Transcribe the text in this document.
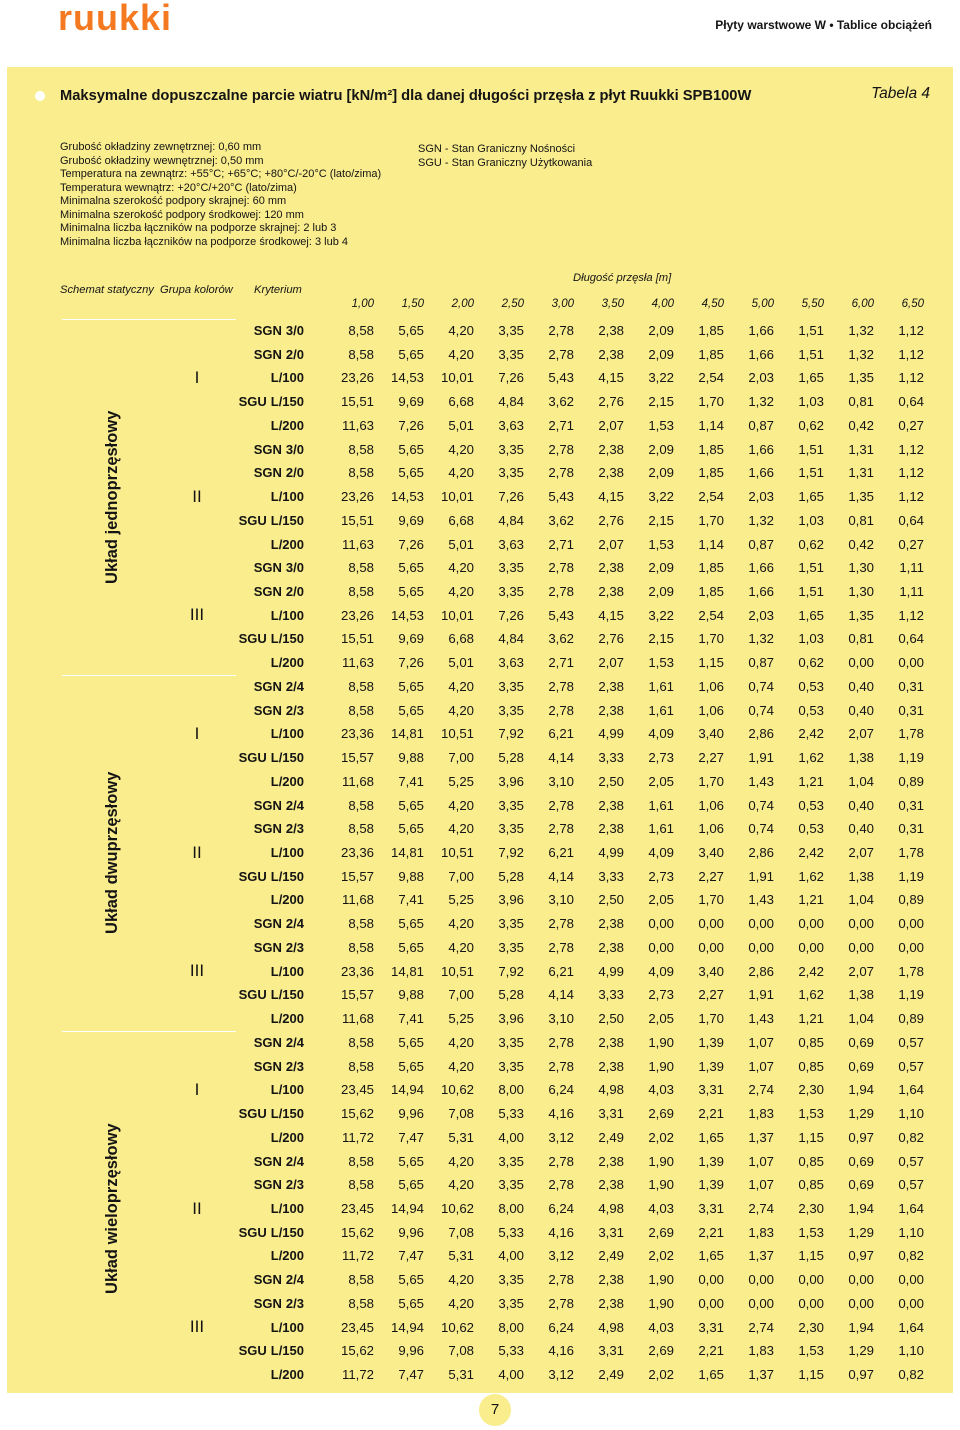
ruukki	Płyty warstwowe W • Tablice obciążeń
Maksymalne dopuszczalne parcie wiatru [kN/m²] dla danej długości przęsła z płyt Ruukki SPB100W	Tabela 4
Grubość okładziny zewnętrznej: 0,60 mm
Grubość okładziny wewnętrznej: 0,50 mm
Temperatura na zewnątrz: +55°C; +65°C; +80°C/-20°C (lato/zima)
Temperatura wewnątrz: +20°C/+20°C (lato/zima)
Minimalna szerokość podpory skrajnej: 60 mm
Minimalna szerokość podpory środkowej: 120 mm
Minimalna liczba łączników na podporze skrajnej: 2 lub 3
Minimalna liczba łączników na podporze środkowej: 3 lub 4
SGN - Stan Graniczny Nośności
SGU - Stan Graniczny Użytkowania
Schemat statyczny Grupa kolorów Kryterium
Długość przęsła [m]
1,00	1,50	2,00	2,50	3,00	3,50	4,00	4,50	5,00	5,50	6,00	6,50
Układ jednoprzęsłowy
I
SGN 3/0	8,58	5,65	4,20	3,35	2,78	2,38	2,09	1,85	1,66	1,51	1,32	1,12
SGN 2/0	8,58	5,65	4,20	3,35	2,78	2,38	2,09	1,85	1,66	1,51	1,32	1,12
L/100	23,26	14,53	10,01	7,26	5,43	4,15	3,22	2,54	2,03	1,65	1,35	1,12
SGU L/150	15,51	9,69	6,68	4,84	3,62	2,76	2,15	1,70	1,32	1,03	0,81	0,64
L/200	11,63	7,26	5,01	3,63	2,71	2,07	1,53	1,14	0,87	0,62	0,42	0,27
II
SGN 3/0	8,58	5,65	4,20	3,35	2,78	2,38	2,09	1,85	1,66	1,51	1,31	1,12
SGN 2/0	8,58	5,65	4,20	3,35	2,78	2,38	2,09	1,85	1,66	1,51	1,31	1,12
L/100	23,26	14,53	10,01	7,26	5,43	4,15	3,22	2,54	2,03	1,65	1,35	1,12
SGU L/150	15,51	9,69	6,68	4,84	3,62	2,76	2,15	1,70	1,32	1,03	0,81	0,64
L/200	11,63	7,26	5,01	3,63	2,71	2,07	1,53	1,14	0,87	0,62	0,42	0,27
III
SGN 3/0	8,58	5,65	4,20	3,35	2,78	2,38	2,09	1,85	1,66	1,51	1,30	1,11
SGN 2/0	8,58	5,65	4,20	3,35	2,78	2,38	2,09	1,85	1,66	1,51	1,30	1,11
L/100	23,26	14,53	10,01	7,26	5,43	4,15	3,22	2,54	2,03	1,65	1,35	1,12
SGU L/150	15,51	9,69	6,68	4,84	3,62	2,76	2,15	1,70	1,32	1,03	0,81	0,64
L/200	11,63	7,26	5,01	3,63	2,71	2,07	1,53	1,15	0,87	0,62	0,00	0,00
Układ dwuprzęsłowy
I
SGN 2/4	8,58	5,65	4,20	3,35	2,78	2,38	1,61	1,06	0,74	0,53	0,40	0,31
SGN 2/3	8,58	5,65	4,20	3,35	2,78	2,38	1,61	1,06	0,74	0,53	0,40	0,31
L/100	23,36	14,81	10,51	7,92	6,21	4,99	4,09	3,40	2,86	2,42	2,07	1,78
SGU L/150	15,57	9,88	7,00	5,28	4,14	3,33	2,73	2,27	1,91	1,62	1,38	1,19
L/200	11,68	7,41	5,25	3,96	3,10	2,50	2,05	1,70	1,43	1,21	1,04	0,89
II
SGN 2/4	8,58	5,65	4,20	3,35	2,78	2,38	1,61	1,06	0,74	0,53	0,40	0,31
SGN 2/3	8,58	5,65	4,20	3,35	2,78	2,38	1,61	1,06	0,74	0,53	0,40	0,31
L/100	23,36	14,81	10,51	7,92	6,21	4,99	4,09	3,40	2,86	2,42	2,07	1,78
SGU L/150	15,57	9,88	7,00	5,28	4,14	3,33	2,73	2,27	1,91	1,62	1,38	1,19
L/200	11,68	7,41	5,25	3,96	3,10	2,50	2,05	1,70	1,43	1,21	1,04	0,89
III
SGN 2/4	8,58	5,65	4,20	3,35	2,78	2,38	0,00	0,00	0,00	0,00	0,00	0,00
SGN 2/3	8,58	5,65	4,20	3,35	2,78	2,38	0,00	0,00	0,00	0,00	0,00	0,00
L/100	23,36	14,81	10,51	7,92	6,21	4,99	4,09	3,40	2,86	2,42	2,07	1,78
SGU L/150	15,57	9,88	7,00	5,28	4,14	3,33	2,73	2,27	1,91	1,62	1,38	1,19
L/200	11,68	7,41	5,25	3,96	3,10	2,50	2,05	1,70	1,43	1,21	1,04	0,89
Układ wieloprzęsłowy
I
SGN 2/4	8,58	5,65	4,20	3,35	2,78	2,38	1,90	1,39	1,07	0,85	0,69	0,57
SGN 2/3	8,58	5,65	4,20	3,35	2,78	2,38	1,90	1,39	1,07	0,85	0,69	0,57
L/100	23,45	14,94	10,62	8,00	6,24	4,98	4,03	3,31	2,74	2,30	1,94	1,64
SGU L/150	15,62	9,96	7,08	5,33	4,16	3,31	2,69	2,21	1,83	1,53	1,29	1,10
L/200	11,72	7,47	5,31	4,00	3,12	2,49	2,02	1,65	1,37	1,15	0,97	0,82
II
SGN 2/4	8,58	5,65	4,20	3,35	2,78	2,38	1,90	1,39	1,07	0,85	0,69	0,57
SGN 2/3	8,58	5,65	4,20	3,35	2,78	2,38	1,90	1,39	1,07	0,85	0,69	0,57
L/100	23,45	14,94	10,62	8,00	6,24	4,98	4,03	3,31	2,74	2,30	1,94	1,64
SGU L/150	15,62	9,96	7,08	5,33	4,16	3,31	2,69	2,21	1,83	1,53	1,29	1,10
L/200	11,72	7,47	5,31	4,00	3,12	2,49	2,02	1,65	1,37	1,15	0,97	0,82
III
SGN 2/4	8,58	5,65	4,20	3,35	2,78	2,38	1,90	0,00	0,00	0,00	0,00	0,00
SGN 2/3	8,58	5,65	4,20	3,35	2,78	2,38	1,90	0,00	0,00	0,00	0,00	0,00
L/100	23,45	14,94	10,62	8,00	6,24	4,98	4,03	3,31	2,74	2,30	1,94	1,64
SGU L/150	15,62	9,96	7,08	5,33	4,16	3,31	2,69	2,21	1,83	1,53	1,29	1,10
L/200	11,72	7,47	5,31	4,00	3,12	2,49	2,02	1,65	1,37	1,15	0,97	0,82
7
